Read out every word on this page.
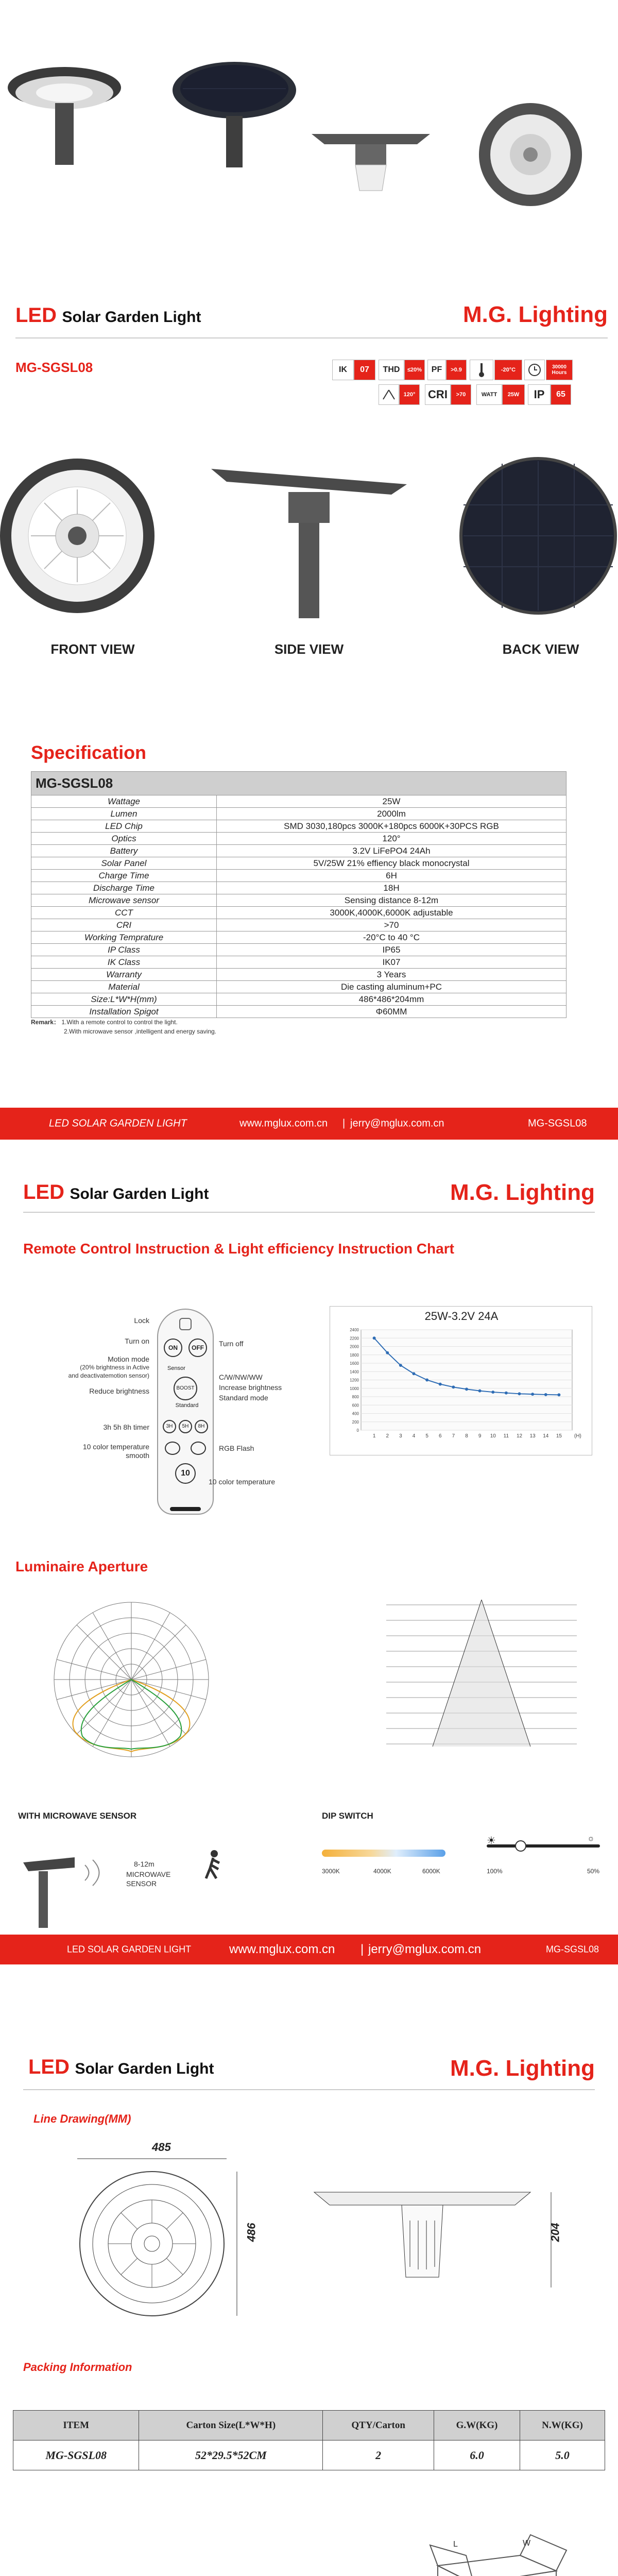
LED Solar Garden Light	M.G. Lighting
MG-SGSL08	IK	07	THD	≤20%	PF	>0.9	-20°C	30000 Hours
120°	CRI	>70	WATT	25W	IP	65
FRONT VIEW	SIDE VIEW	BACK VIEW
Specification
MG-SGSL08	
Wattage	25W
Lumen	2000lm
LED Chip	SMD 3030,180pcs 3000K+180pcs 6000K+30PCS RGB
Optics	120°
Battery	3.2V LiFePO4 24Ah
Solar Panel	5V/25W 21% effiency black monocrystal
Charge Time	6H
Discharge Time	18H
Microwave sensor	Sensing distance 8-12m
CCT	3000K,4000K,6000K adjustable
CRI	>70
Working Temprature	-20°C to 40 °C
IP Class	IP65
IK Class	IK07
Warranty	3 Years
Material	Die casting aluminum+PC
Size:L*W*H(mm)	486*486*204mm
Installation Spigot	Φ60MM
Remark： 1.With a remote control to control the light.
2.With microwave sensor ,intelligent and energy saving.
LED SOLAR GARDEN LIGHT	www.mglux.com.cn | jerry@mglux.com.cn	MG-SGSL08
LED Solar Garden Light	M.G. Lighting
Remote Control Instruction & Light efficiency Instruction Chart
ON	OFF
Sensor
BOOST
Standard
3H	5H	8H
10
Lock
Turn on
Motion mode
(20% brightness in Active
and deactivatemotion sensor)
Reduce brightness
3h 5h 8h timer
10 color temperature
smooth
Turn off
C/W/NW/WW
Increase brightness
Standard mode
RGB Flash
10 color temperature
25W-3.2V 24A
0
200
400
600
800
1000
1200
1400
1600
1800
2000
2200
2400
1 2 3 4 5 6 7 8 9 10 11 12 13 14 15 (H)
Luminaire Aperture
WITH MICROWAVE SENSOR
8-12m
MICROWAVE
SENSOR
DIP SWITCH
3000K	4000K	6000K
☀	☼
100%	50%
LED SOLAR GARDEN LIGHT	www.mglux.com.cn | jerry@mglux.com.cn	MG-SGSL08
LED Solar Garden Light	M.G. Lighting
Line Drawing(MM)
485
486	204
Packing Information
ITEM	Carton Size(L*W*H)	QTY/Carton	G.W(KG)	N.W(KG)
MG-SGSL08	52*29.5*52CM	2	6.0	5.0
L	W
